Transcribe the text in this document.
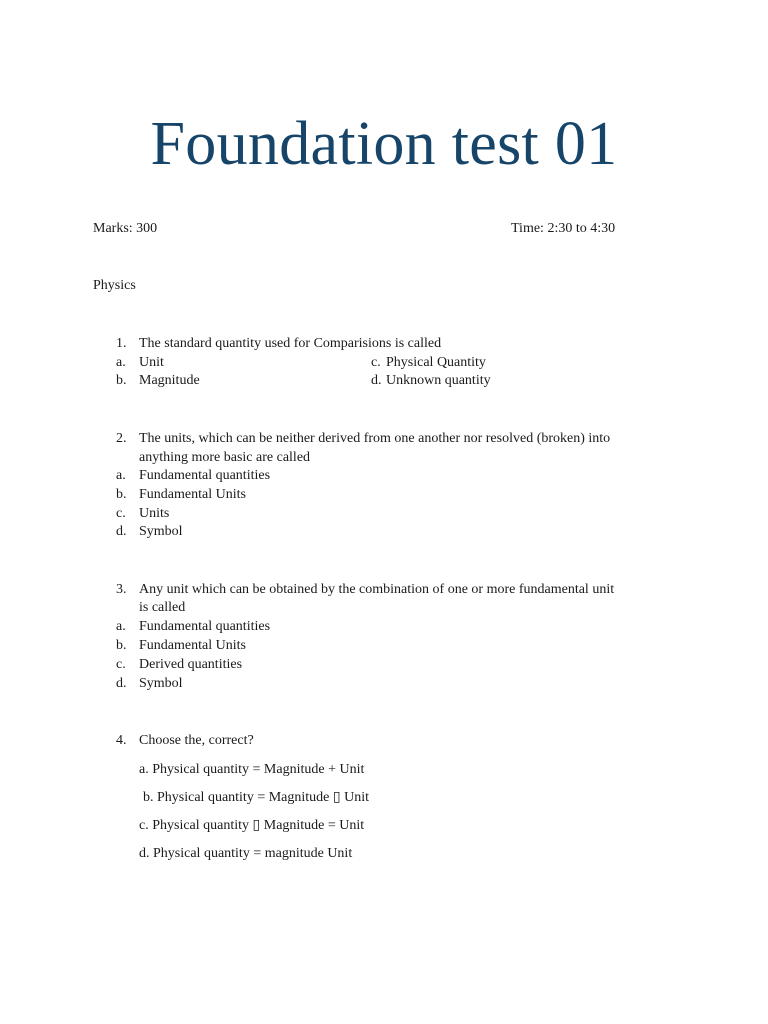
Foundation test 01
Marks: 300	Time: 2:30 to 4:30
Physics
1. The standard quantity used for Comparisions is called
a. Unit
b. Magnitude
c. Physical Quantity
d. Unknown quantity
2. The units, which can be neither derived from one another nor resolved (broken) into
anything more basic are called
a. Fundamental quantities
b. Fundamental Units
c. Units
d. Symbol
3. Any unit which can be obtained by the combination of one or more fundamental unit
is called
a. Fundamental quantities
b. Fundamental Units
c. Derived quantities
d. Symbol
4. Choose the, correct?
a. Physical quantity = Magnitude + Unit
b. Physical quantity = Magnitude ▯ Unit
c. Physical quantity ▯ Magnitude = Unit
d. Physical quantity = magnitude Unit
